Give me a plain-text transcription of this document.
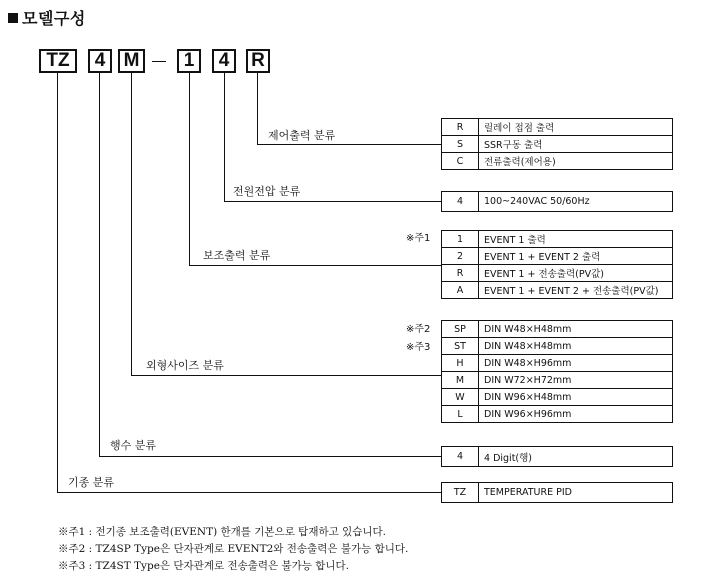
모델구성
TZ	4 M	1	4	R
제어출력 분류
전원전압 분류
보조출력 분류
외형사이즈 분류
행수 분류
기종 분류
※주1
※주2
※주3
R	릴레이 접점 출력
S	SSR구동 출력
C	전류출력(제어용)
4	100~240VAC 50/60Hz
1	EVENT 1 출력
2	EVENT 1 + EVENT 2 출력
R	EVENT 1 + 전송출력(PV값)
A	EVENT 1 + EVENT 2 + 전송출력(PV값)
SP	DIN W48×H48mm
ST	DIN W48×H48mm
H	DIN W48×H96mm
M	DIN W72×H72mm
W	DIN W96×H48mm
L	DIN W96×H96mm
4	4 Digit(행)
TZ	TEMPERATURE PID
※주1 : 전기종 보조출력(EVENT) 한개를 기본으로 탑재하고 있습니다.
※주2 : TZ4SP Type은 단자관계로 EVENT2와 전송출력은 불가능 합니다.
※주3 : TZ4ST Type은 단자관계로 전송출력은 불가능 합니다.
